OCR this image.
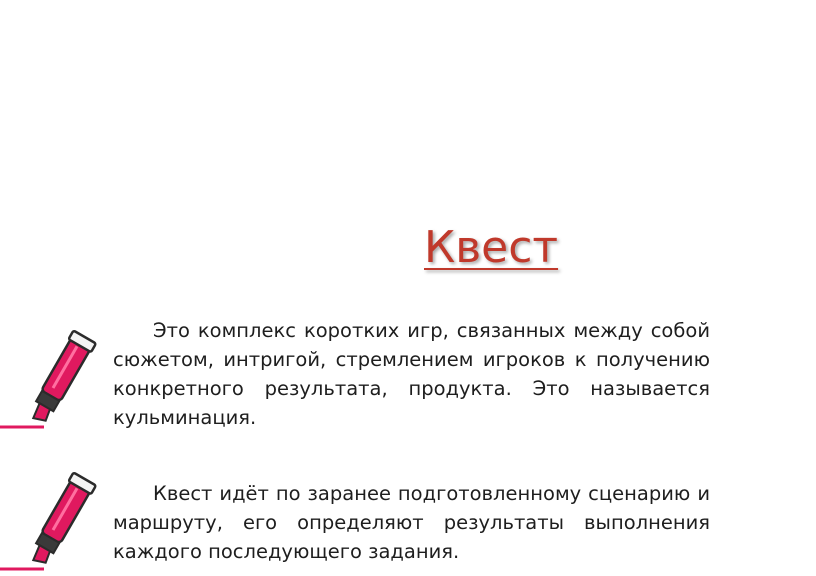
Квест
Это комплекс коротких игр, связанных между собой сюжетом, интригой, стремлением игроков к получению конкретного результата, продукта. Это называется кульминация.
Квест идёт по заранее подготовленному сценарию и маршруту, его определяют результаты выполнения каждого последующего задания.
